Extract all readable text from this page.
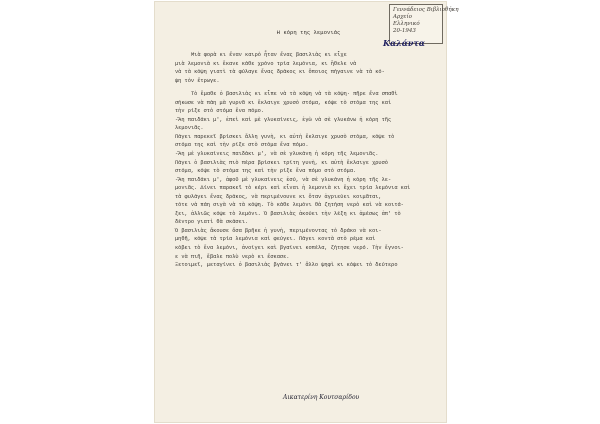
Γεννάδειος Βιβλιοθήκη
Αρχείο
Ελληνικό
20-1943
Η κόρη της λεμονιάς
Καλάντα
Μιὰ φορὰ κι ἕναν καιρὸ ἦταν ἕνας βασιλιὰς κι εἶχε
μιὰ λεμονιὰ κι ἔκανε κάθε χρόνο τρία λεμόνια, κι ἤθελε νὰ
νὰ τὰ κόψη γιατὶ τὰ φύλαγε ἕνας δράκος κι ὅποιος πήγαινε νὰ τὰ κό-
ψη τὸν ἔτρωγε.
Τὸ ἔμαθε ὁ βασιλιὰς κι εἶπε νὰ τὰ κόψη νὰ τὰ κόψη· πῆρε ἕνα σπαθὶ
σήκωσε νὰ πάη μὰ γυρνᾶ κι ἔκλαιγε χρυσὸ στόμα, κόψε τὸ στόμα της καὶ
τὴν ρίξε στὸ στόμα ἕνα πόμο.
-Ἄη παιδάκι μ', ἐπεὶ καὶ μὲ γλυκαίνεις, ἐγὼ νὰ σὲ γλυκάνω ἡ κόρη τῆς
λεμονιᾶς.
Πάγει παρεκεῖ βρίσκει ἄλλη γυνὴ, κι αὐτὴ ἔκλαιγε χρυσὸ στόμα, κόψε τὸ
στόμα της καὶ τὴν ρίξε στὸ στόμα ἕνα πόμο.
-Ἄη μὲ γλυκαίνεις παιδάκι μ', νὰ σὲ γλυκάνη ἡ κόρη τῆς λεμονιᾶς.
Πάγει ὁ βασιλιὰς πιὸ πέρα βρίσκει τρίτη γυνὴ, κι αὐτὴ ἔκλαιγε χρυσὸ
στόμα, κόψε τὸ στόμα της καὶ τὴν ρίξε ἕνα πόμο στὸ στόμα.
-Ἄη παιδάκι μ', ἀφοῦ μὲ γλυκαίνεις ἐσύ, νὰ σὲ γλυκάνη ἡ κόρη τῆς λε-
μονιᾶς. Δίνει παρακεῖ τὸ κέρι καὶ εἶναι ἡ λεμονιὰ κι ἔχει τρία λεμόνια καὶ
τὰ φυλάγει ἕνας δράκος, νὰ περιμένουνε κι ὅταν ἀγριεύει κοιμᾶται,
τότε νὰ πάη σιγὰ νὰ τὰ κόψη. Τὸ κάθε λεμόνι θὰ ζητήση νερὸ καὶ νὰ κοιτά-
ξει, ἀλλιῶς κόψε τὸ λεμόνι. Ὁ βασιλιὰς ἀκούει τὴν λέξη κι ἀμέσως ἀπ' τὸ
δέντρο γιατὶ θὰ σκάσει.
Ὁ βασιλιὰς ἄκουσε ὅσα βρῆκε ἡ γυνὴ, περιμένοντας τὸ δράκο νὰ κοι-
μηθῆ, κόψε τὰ τρία λεμόνια καὶ φεύγει. Πάγει κοντὰ στὸ ρέμα καὶ
κόβει τὸ ἕνα λεμόνι, ἀνοίγει καὶ βγαίνει κοπέλα, ζήτησε νερό. Τὴν ἔγνοι-
ε νὰ πιῆ, ἔβαλε πολὺ νερὸ κι ἔσκασε.
Ξετοιμεῖ, μεταγίνει ὁ βασιλιὰς βγάνει τ' ἄλλο ψηφὶ κι κόψει τὸ δεύτερο
Αικατερίνη Κουτσαρίδου
